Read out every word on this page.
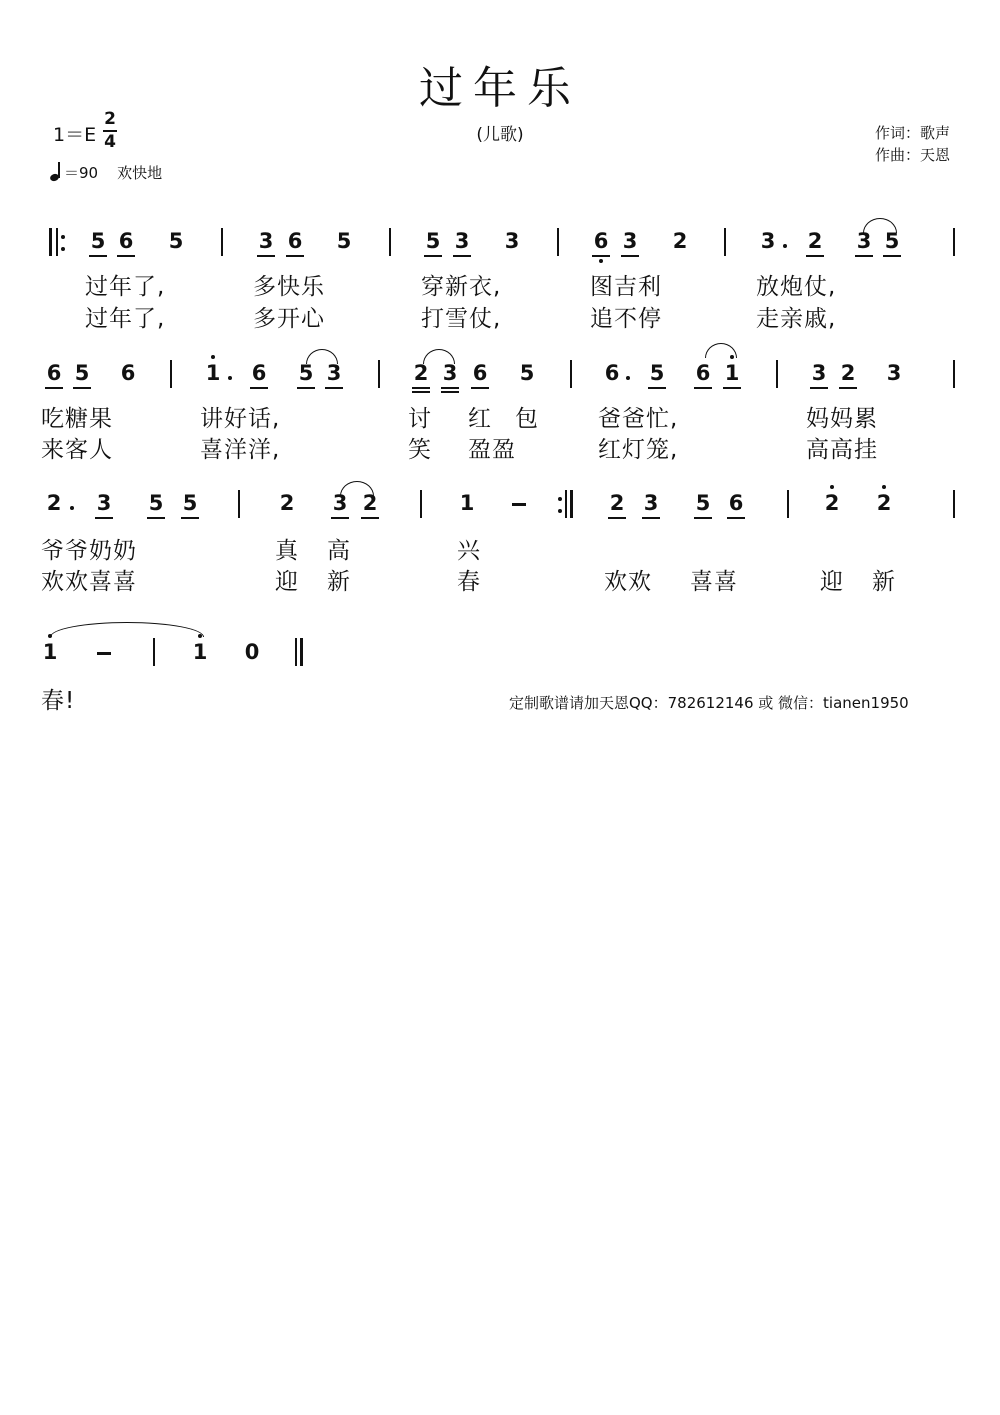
过年乐
(儿歌)
1＝E
2
4
＝90 欢快地
作词：歌声
作曲：天恩
5 6 5	3 6 5	5 3 3	6 3 2	3 2 3 5
6 5 6	1 6 5 3	2 3 6 5	6 5 6 1	3 2 3
2 3 5 5	2 3 2	1	2 3 5 6	2 2
1	1 0
过年了,	多快乐	穿新衣,	图吉利	放炮仗,
过年了,	多开心	打雪仗,	追不停	走亲戚,
吃糖果	讲好话,	讨 红 包	爸爸忙,	妈妈累
来客人	喜洋洋,	笑 盈盈	红灯笼,	高高挂
爷爷奶奶	真 高	兴
欢欢喜喜	迎 新	春	欢欢 喜喜	迎 新
春!	定制歌谱请加天恩QQ：782612146 或 微信：tianen1950
